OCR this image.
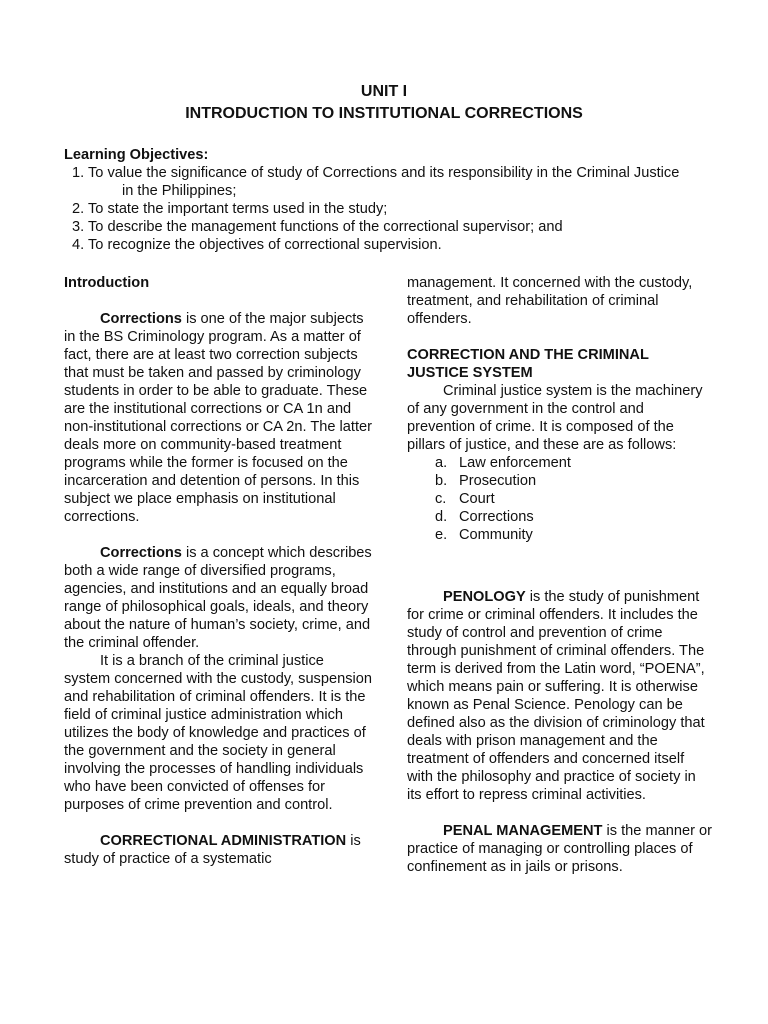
UNIT I
INTRODUCTION TO INSTITUTIONAL CORRECTIONS
Learning Objectives:
1. To value the significance of study of Corrections and its responsibility in the Criminal Justice
in the Philippines;
2. To state the important terms used in the study;
3. To describe the management functions of the correctional supervisor; and
4. To recognize the objectives of correctional supervision.

Introduction

Corrections is one of the major subjects in the BS Criminology program. As a matter of fact, there are at least two correction subjects that must be taken and passed by criminology students in order to be able to graduate. These are the institutional corrections or CA 1n and non-institutional corrections or CA 2n. The latter deals more on community-based treatment programs while the former is focused on the incarceration and detention of persons. In this subject we place emphasis on institutional corrections.

Corrections is a concept which describes both a wide range of diversified programs, agencies, and institutions and an equally broad range of philosophical goals, ideals, and theory about the nature of human’s society, crime, and the criminal offender.

It is a branch of the criminal justice system concerned with the custody, suspension and rehabilitation of criminal offenders. It is the field of criminal justice administration which utilizes the body of knowledge and practices of the government and the society in general involving the processes of handling individuals who have been convicted of offenses for purposes of crime prevention and control.

CORRECTIONAL ADMINISTRATION is study of practice of a systematic

management. It concerned with the custody, treatment, and rehabilitation of criminal offenders.

CORRECTION AND THE CRIMINAL JUSTICE SYSTEM

Criminal justice system is the machinery of any government in the control and prevention of crime. It is composed of the pillars of justice, and these are as follows:

a. Law enforcement
b. Prosecution
c. Court
d. Corrections
e. Community

PENOLOGY is the study of punishment for crime or criminal offenders. It includes the study of control and prevention of crime through punishment of criminal offenders. The term is derived from the Latin word, “POENA”, which means pain or suffering. It is otherwise known as Penal Science. Penology can be defined also as the division of criminology that deals with prison management and the treatment of offenders and concerned itself with the philosophy and practice of society in its effort to repress criminal activities.

PENAL MANAGEMENT is the manner or practice of managing or controlling places of confinement as in jails or prisons.
